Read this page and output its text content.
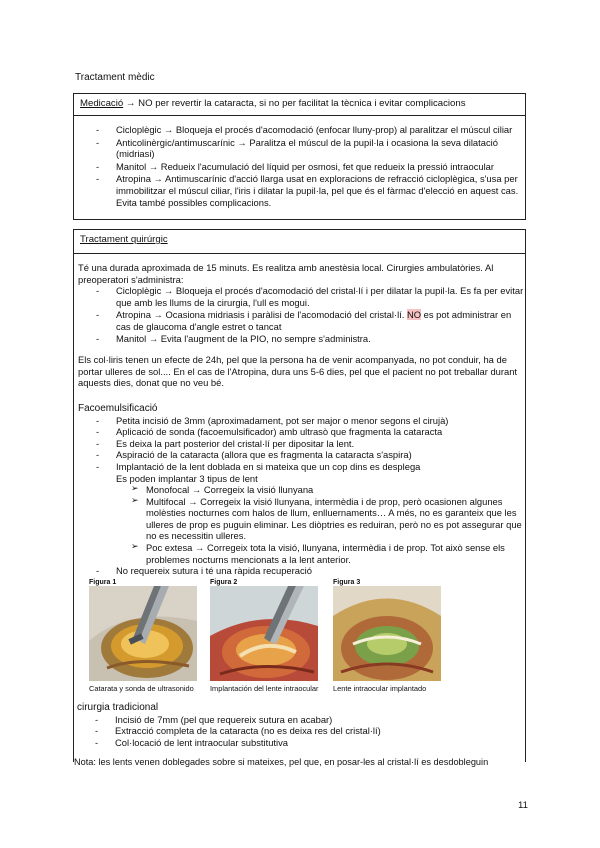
Tractament mèdic
Medicació → NO per revertir la cataracta, si no per facilitat la tècnica i evitar complicacions
- Cicloplègic → Bloqueja el procés d'acomodació (enfocar lluny-prop) al paralitzar el múscul ciliar
- Anticolinèrgic/antimuscarínic → Paralitza el múscul de la pupil·la i ocasiona la seva dilatació (midriasi)
- Manitol → Redueix l'acumulació del líquid per osmosi, fet que redueix la pressió intraocular
- Atropina → Antimuscarínic d'acció llarga usat en exploracions de refracció cicloplègica, s'usa per immobilitzar el múscul ciliar, l'iris i dilatar la pupil·la, pel que és el fàrmac d'elecció en aquest cas. Evita també possibles complicacions.
Tractament quirúrgic

Té una durada aproximada de 15 minuts. Es realitza amb anestèsia local. Cirurgies ambulatòries. Al preoperatori s'administra:

- Cicloplègic → Bloqueja el procés d'acomodació del cristal·lí i per dilatar la pupil·la. Es fa per evitar que amb les llums de la cirurgia, l'ull es mogui.
- Atropina → Ocasiona midriasis i paràlisi de l'acomodació del cristal·lí. NO es pot administrar en cas de glaucoma d'angle estret o tancat
- Manitol → Evita l'augment de la PIO, no sempre s'administra.

Els col·liris tenen un efecte de 24h, pel que la persona ha de venir acompanyada, no pot conduir, ha de portar ulleres de sol.... En el cas de l'Atropina, dura uns 5-6 dies, pel que el pacient no pot treballar durant aquests dies, donat que no veu bé.

Facoemulsificació

- Petita incisió de 3mm (aproximadament, pot ser major o menor segons el cirujà)
- Aplicació de sonda (facoemulsificador) amb ultrasò que fragmenta la cataracta
- Es deixa la part posterior del cristal·lí per dipositar la lent.
- Aspiració de la cataracta (allora que es fragmenta la cataracta s'aspira)
- Implantació de la lent doblada en si mateixa que un cop dins es desplega
Es poden implantar 3 tipus de lent
➢ Monofocal → Corregeix la visió llunyana
➢ Multifocal → Corregeix la visió llunyana, intermèdia i de prop, però ocasionen algunes molèsties nocturnes com halos de llum, enlluernaments… A més, no es garanteix que les ulleres de prop es puguin eliminar. Les diòptries es reduiran, però no es pot assegurar que no es necessitin ulleres.
➢ Poc extesa → Corregeix tota la visió, llunyana, intermèdia i de prop. Tot això sense els problemes nocturns mencionats a la lent anterior.
- No requereix sutura i té una ràpida recuperació
Figura 1
Catarata y sonda de ultrasonido
Figura 2
Implantación del lente intraocular
Figura 3
Lente intraocular implantado
cirurgia tradicional
- Incisió de 7mm (pel que requereix sutura en acabar)
- Extracció completa de la cataracta (no es deixa res del cristal·lí)
- Col·locació de lent intraocular substitutiva
Nota: les lents venen doblegades sobre si mateixes, pel que, en posar-les al cristal·lí es desdobleguin
11
